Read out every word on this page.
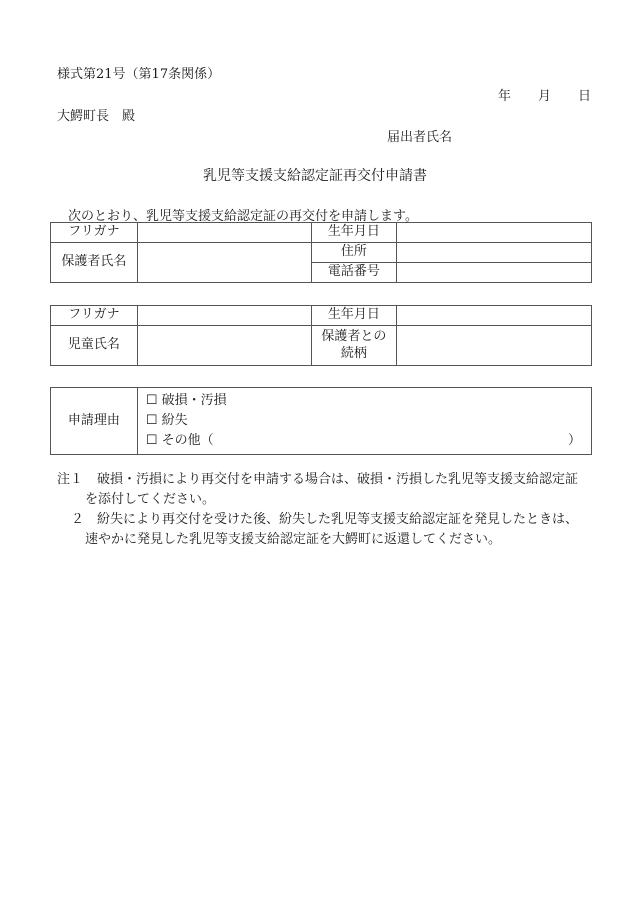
様式第21号（第17条関係）
年 月 日
大鰐町長　殿
届出者氏名
乳児等支援支給認定証再交付申請書
次のとおり、乳児等支援支給認定証の再交付を申請します。
フリガナ		生年月日	
保護者氏名		住所	
		電話番号	
フリガナ		生年月日	
児童氏名		保護者との
続柄	

申請理由	
☐ 破損・汚損
☐ 紛失
☐ その他（	）
注１ 破損・汚損により再交付を申請する場合は、破損・汚損した乳児等支援支給認定証
を添付してください。
２ 紛失により再交付を受けた後、紛失した乳児等支援支給認定証を発見したときは、
速やかに発見した乳児等支援支給認定証を大鰐町に返還してください。
